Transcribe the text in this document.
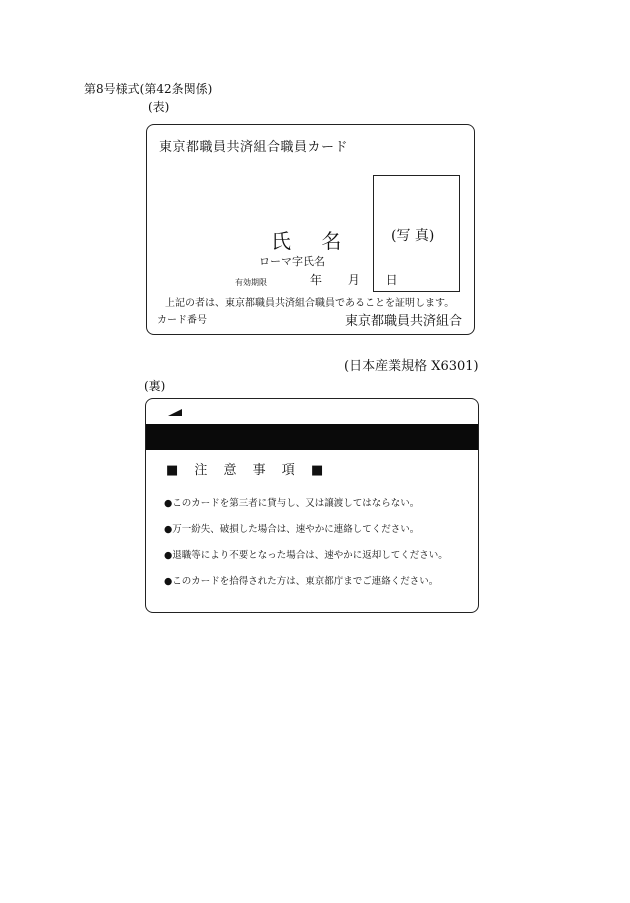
第8号様式(第42条関係)
(表)
東京都職員共済組合職員カード
(写 真)
氏 名
ローマ字氏名
有効期限	年 月 日
上記の者は、東京都職員共済組合職員であることを証明します。
カード番号	東京都職員共済組合
(日本産業規格 X6301)
(裏)
■ 注 意 事 項 ■
●このカードを第三者に貸与し、又は譲渡してはならない。
●万一紛失、破損した場合は、速やかに連絡してください。
●退職等により不要となった場合は、速やかに返却してください。
●このカードを拾得された方は、東京都庁までご連絡ください。
